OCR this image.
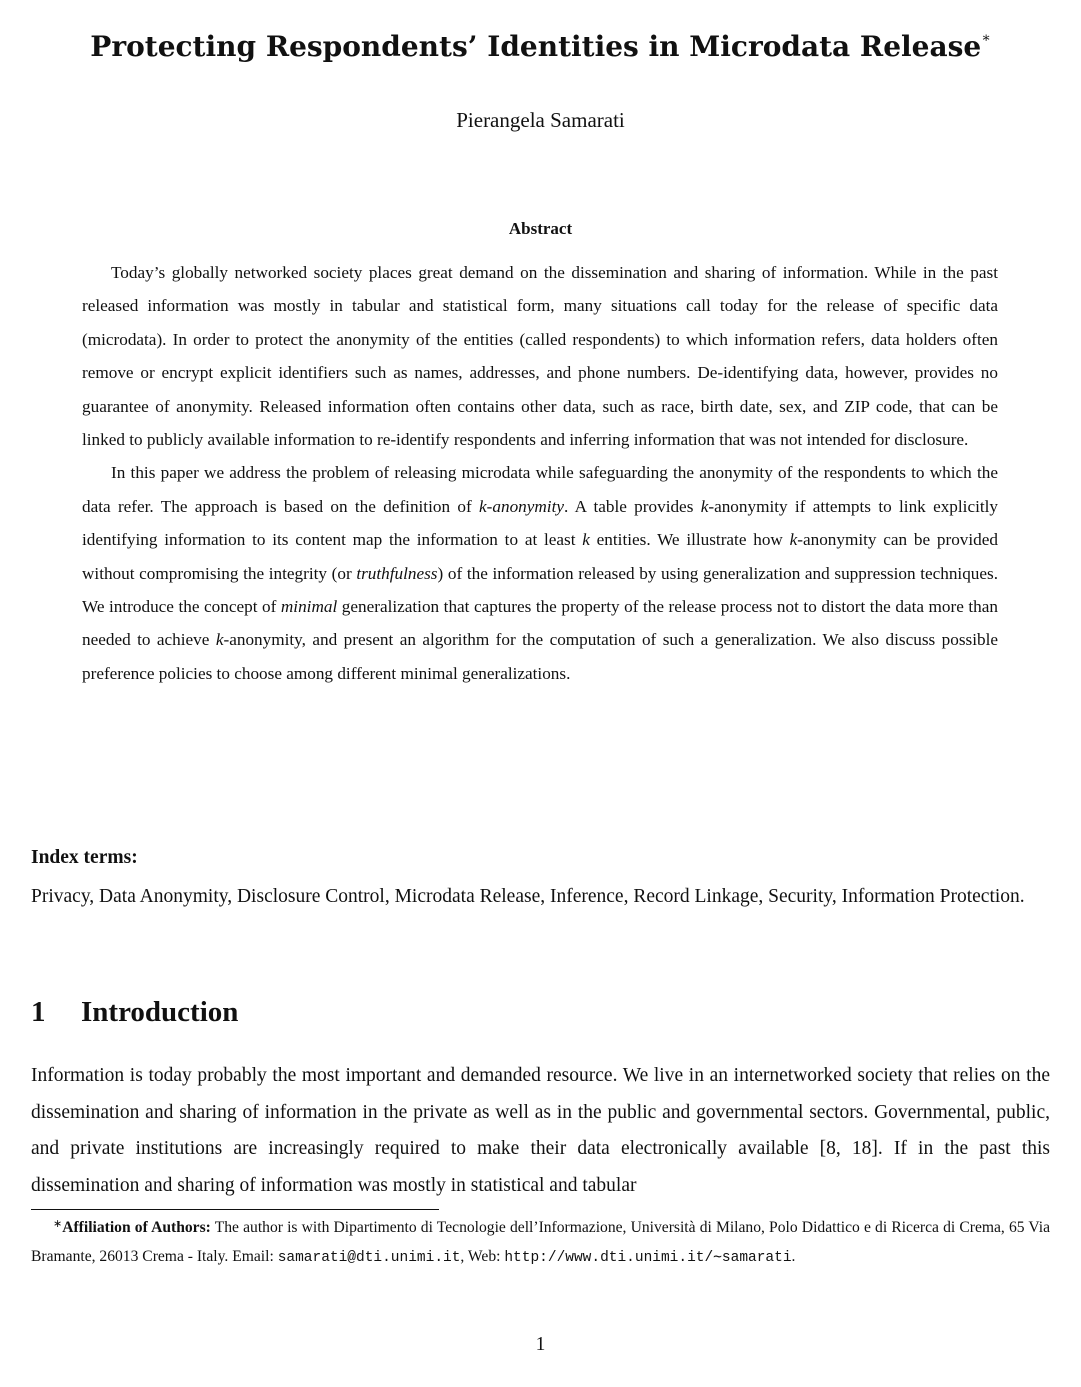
Protecting Respondents’ Identities in Microdata Release∗
Pierangela Samarati
Abstract

Today’s globally networked society places great demand on the dissemination and sharing of information. While in the past released information was mostly in tabular and statistical form, many situations call today for the release of specific data (microdata). In order to protect the anonymity of the entities (called respondents) to which information refers, data holders often remove or encrypt explicit identifiers such as names, addresses, and phone numbers. De-identifying data, however, provides no guarantee of anonymity. Released information often contains other data, such as race, birth date, sex, and ZIP code, that can be linked to publicly available information to re-identify respondents and inferring information that was not intended for disclosure.

In this paper we address the problem of releasing microdata while safeguarding the anonymity of the respondents to which the data refer. The approach is based on the definition of k-anonymity. A table provides k-anonymity if attempts to link explicitly identifying information to its content map the information to at least k entities. We illustrate how k-anonymity can be provided without compromising the integrity (or truthfulness) of the information released by using generalization and suppression techniques. We introduce the concept of minimal generalization that captures the property of the release process not to distort the data more than needed to achieve k-anonymity, and present an algorithm for the computation of such a generalization. We also discuss possible preference policies to choose among different minimal generalizations.

Index terms:

Privacy, Data Anonymity, Disclosure Control, Microdata Release, Inference, Record Linkage, Security, Information Protection.

1 Introduction

Information is today probably the most important and demanded resource. We live in an internetworked society that relies on the dissemination and sharing of information in the private as well as in the public and governmental sectors. Governmental, public, and private institutions are increasingly required to make their data electronically available [8, 18]. If in the past this dissemination and sharing of information was mostly in statistical and tabular

∗Affiliation of Authors: The author is with Dipartimento di Tecnologie dell’Informazione, Università di Milano, Polo Didattico e di Ricerca di Crema, 65 Via Bramante, 26013 Crema - Italy. Email: samarati@dti.unimi.it, Web: http://www.dti.unimi.it/∼samarati.

1
